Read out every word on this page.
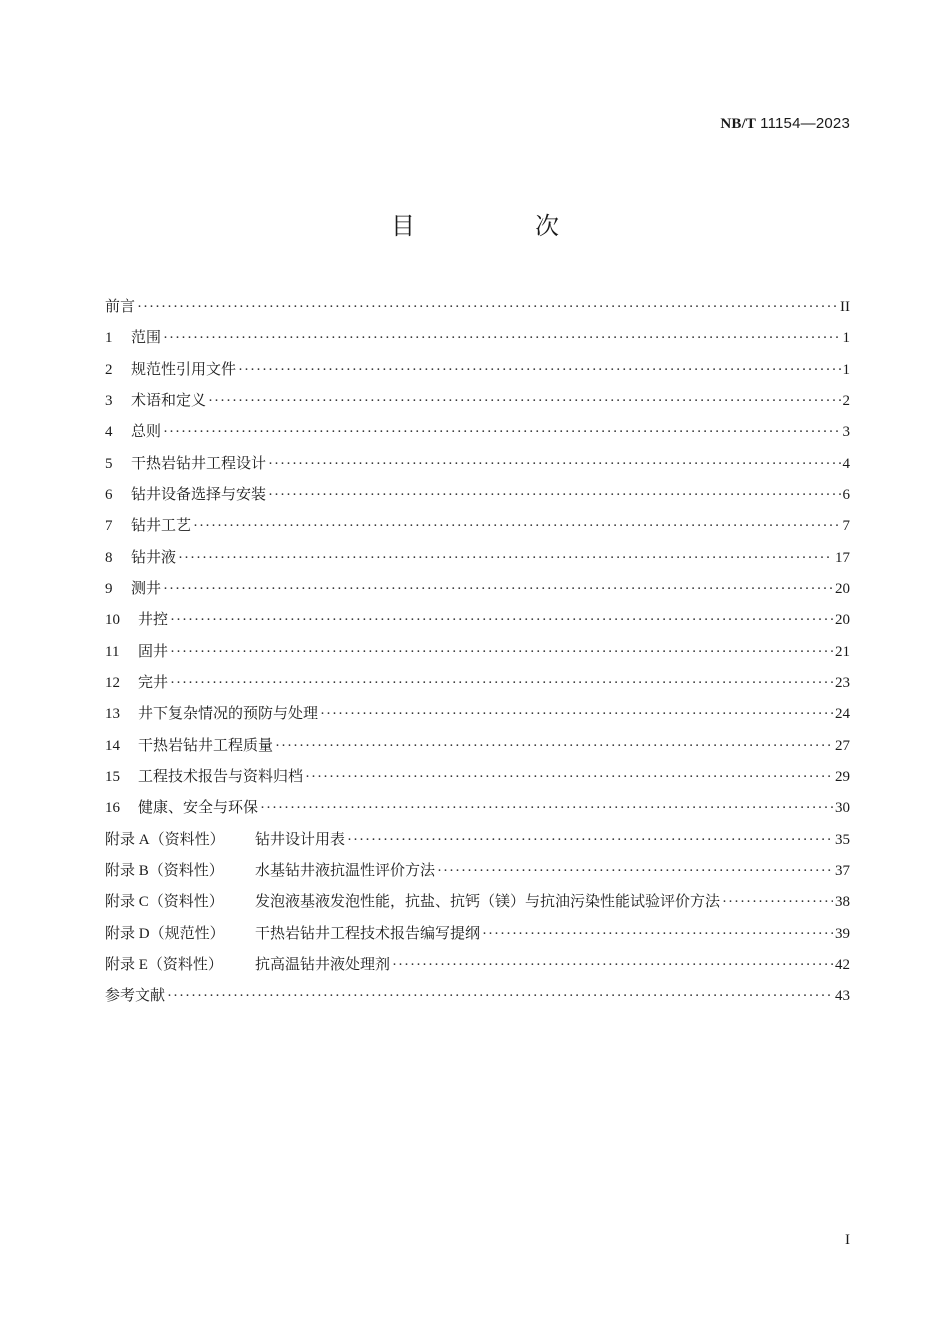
NB/T 11154—2023
目　次
前言 ·····	II
1	范围 ·····	1
2	规范性引用文件 ·····	1
3	术语和定义 ·····	2
4	总则 ·····	3
5	干热岩钻井工程设计 ·····	4
6	钻井设备选择与安装 ·····	6
7	钻井工艺 ·····	7
8	钻井液 ·····	17
9	测井 ·····	20
10	井控 ·····	20
11	固井 ·····	21
12	完井 ·····	23
13	井下复杂情况的预防与处理 ·····	24
14	干热岩钻井工程质量 ·····	27
15	工程技术报告与资料归档 ·····	29
16	健康、安全与环保 ·····	30
附录 A（资料性）	钻井设计用表 ·····	35
附录 B（资料性）	水基钻井液抗温性评价方法 ·····	37
附录 C（资料性）	发泡液基液发泡性能，抗盐、抗钙（镁）与抗油污染性能试验评价方法 ·····	38
附录 D（规范性）	干热岩钻井工程技术报告编写提纲 ·····	39
附录 E（资料性）	抗高温钻井液处理剂 ·····	42
参考文献 ·····	43
I
